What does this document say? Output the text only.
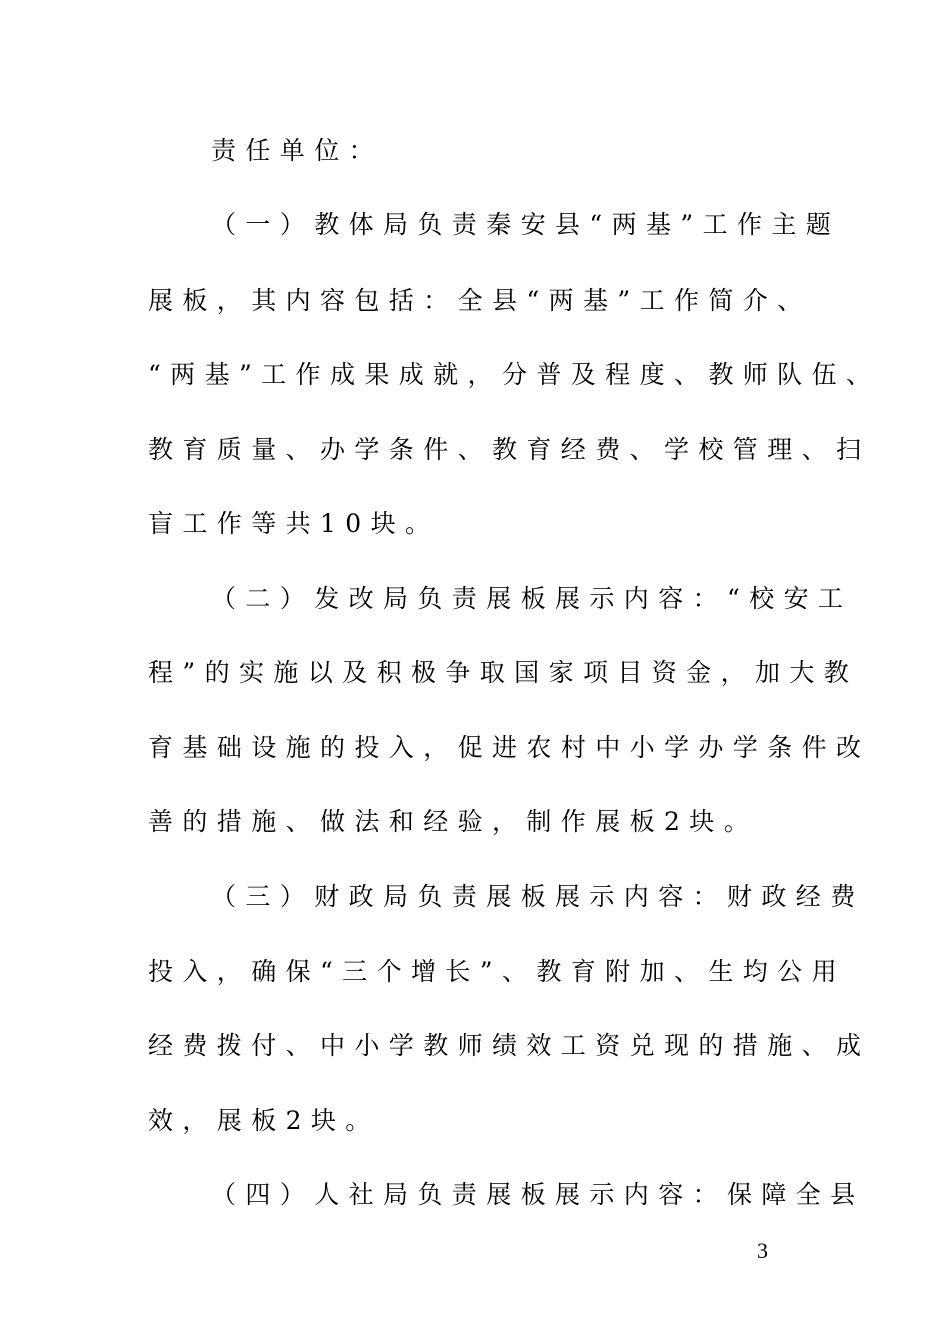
责任单位：
（一）教体局负责秦安县“两基”工作主题
展板，其内容包括：全县“两基”工作简介、
“两基”工作成果成就，分普及程度、教师队伍、
教育质量、办学条件、教育经费、学校管理、扫
盲工作等共10块。
（二）发改局负责展板展示内容：“校安工
程”的实施以及积极争取国家项目资金，加大教
育基础设施的投入，促进农村中小学办学条件改
善的措施、做法和经验，制作展板2块。
（三）财政局负责展板展示内容：财政经费
投入，确保“三个增长”、教育附加、生均公用
经费拨付、中小学教师绩效工资兑现的措施、成
效，展板2块。
（四）人社局负责展板展示内容：保障全县
3
